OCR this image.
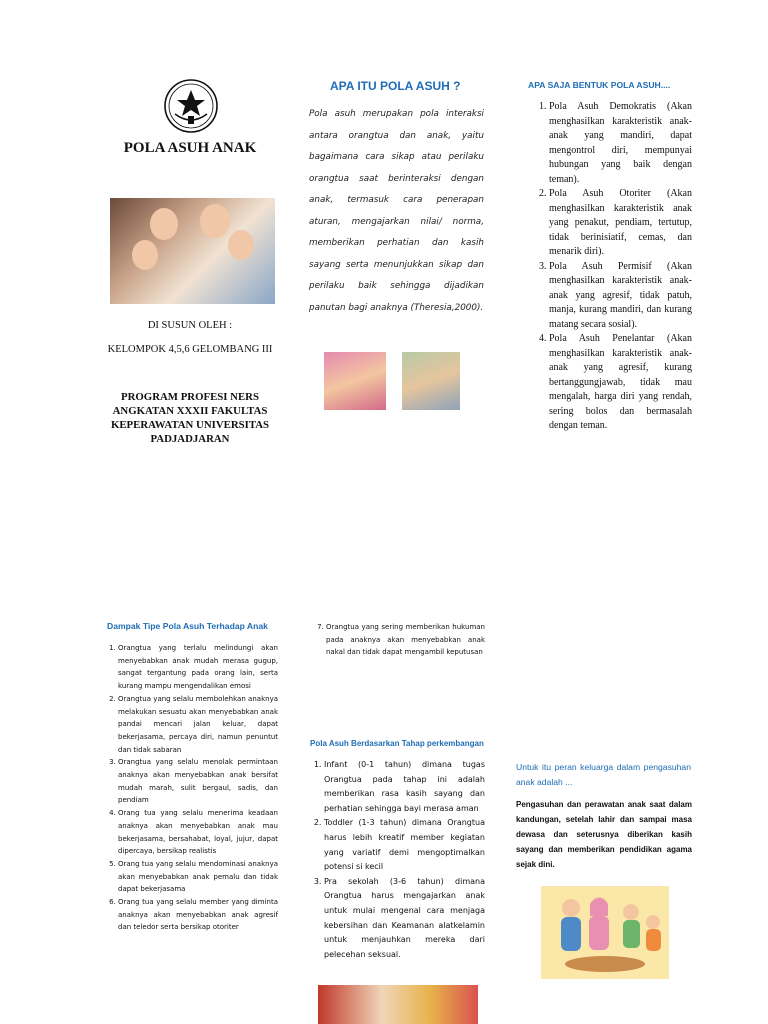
POLA ASUH ANAK
DI SUSUN OLEH :
KELOMPOK 4,5,6 GELOMBANG III
PROGRAM PROFESI NERS ANGKATAN XXXII FAKULTAS KEPERAWATAN UNIVERSITAS PADJADJARAN
APA ITU POLA ASUH ?
Pola asuh merupakan pola interaksi antara orangtua dan anak, yaitu bagaimana cara sikap atau perilaku orangtua saat berinteraksi dengan anak, termasuk cara penerapan aturan, mengajarkan nilai/ norma, memberikan perhatian dan kasih sayang serta menunjukkan sikap dan perilaku baik sehingga dijadikan panutan bagi anaknya (Theresia,2000).
APA SAJA BENTUK POLA ASUH....
1. Pola Asuh Demokratis (Akan menghasilkan karakteristik anak-anak yang mandiri, dapat mengontrol diri, mempunyai hubungan yang baik dengan teman).
2. Pola Asuh Otoriter (Akan menghasilkan karakteristik anak yang penakut, pendiam, tertutup, tidak berinisiatif, cemas, dan menarik diri).
3. Pola Asuh Permisif (Akan menghasilkan karakteristik anak-anak yang agresif, tidak patuh, manja, kurang mandiri, dan kurang matang secara sosial).
4. Pola Asuh Penelantar (Akan menghasilkan karakteristik anak-anak yang agresif, kurang bertanggungjawab, tidak mau mengalah, harga diri yang rendah, sering bolos dan bermasalah dengan teman.
Dampak Tipe Pola Asuh Terhadap Anak
1. Orangtua yang terlalu melindungi akan menyebabkan anak mudah merasa gugup, sangat tergantung pada orang lain, serta kurang mampu mengendalikan emosi
2. Orangtua yang selalu membolehkan anaknya melakukan sesuatu akan menyebabkan anak pandai mencari jalan keluar, dapat bekerjasama, percaya diri, namun penuntut dan tidak sabaran
3. Orangtua yang selalu menolak permintaan anaknya akan menyebabkan anak bersifat mudah marah, sulit bergaul, sadis, dan pendiam
4. Orang tua yang selalu menerima keadaan anaknya akan menyebabkan anak mau bekerjasama, bersahabat, loyal, jujur, dapat dipercaya, bersikap realistis
5. Orang tua yang selalu mendominasi anaknya akan menyebabkan anak pemalu dan tidak dapat bekerjasama
6. Orang tua yang selalu member yang diminta anaknya akan menyebabkan anak agresif dan teledor serta bersikap otoriter
7. Orangtua yang sering memberikan hukuman pada anaknya akan menyebabkan anak nakal dan tidak dapat mengambil keputusan
Pola Asuh Berdasarkan Tahap perkembangan
1. Infant (0-1 tahun) dimana tugas Orangtua pada tahap ini adalah memberikan rasa kasih sayang dan perhatian sehingga bayi merasa aman
2. Toddler (1-3 tahun) dimana Orangtua harus lebih kreatif member kegiatan yang variatif demi mengoptimalkan potensi si kecil
3. Pra sekolah (3-6 tahun) dimana Orangtua harus mengajarkan anak untuk mulai mengenal cara menjaga kebersihan dan Keamanan alatkelamin untuk menjauhkan mereka dari pelecehan seksual.
Untuk itu peran keluarga dalam pengasuhan anak adalah ...
Pengasuhan dan perawatan anak saat dalam kandungan, setelah lahir dan sampai masa dewasa dan seterusnya diberikan kasih sayang dan memberikan pendidikan agama sejak dini.
